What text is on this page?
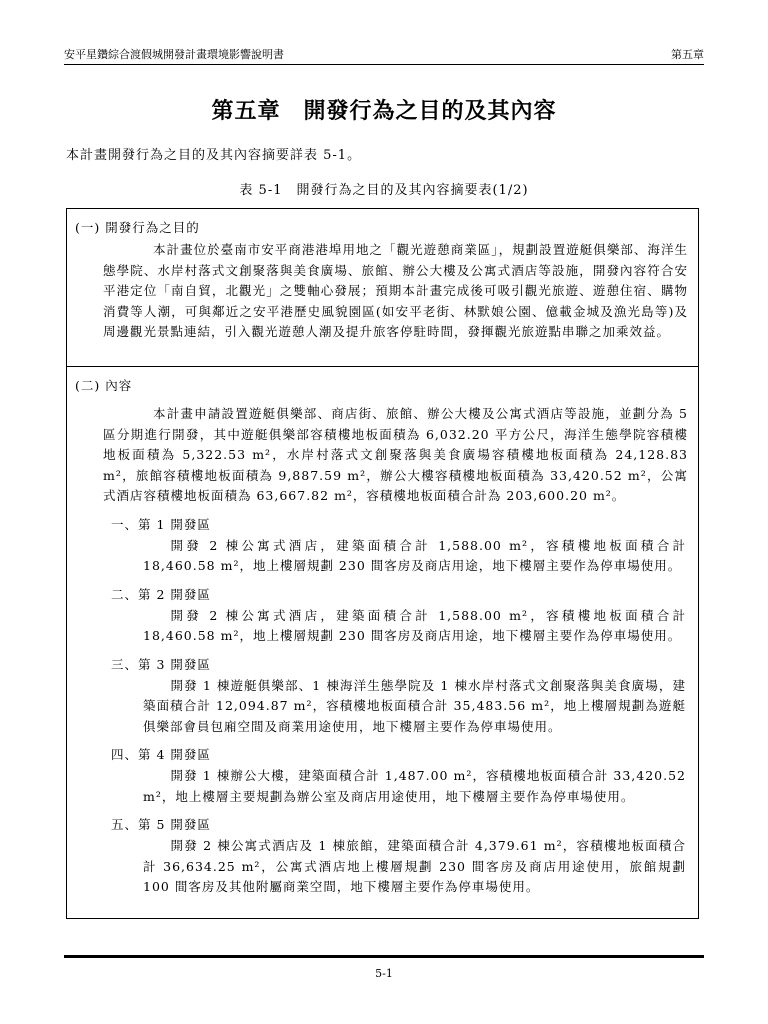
安平星鑽綜合渡假城開發計畫環境影響說明書	第五章
第五章　開發行為之目的及其內容
本計畫開發行為之目的及其內容摘要詳表 5-1。
表 5-1　開發行為之目的及其內容摘要表(1/2)
(一) 開發行為之目的
本計畫位於臺南市安平商港港埠用地之「觀光遊憩商業區」，規劃設置遊艇俱樂部、海洋生態學院、水岸村落式文創聚落與美食廣場、旅館、辦公大樓及公寓式酒店等設施，開發內容符合安平港定位「南自貿，北觀光」之雙軸心發展；預期本計畫完成後可吸引觀光旅遊、遊憩住宿、購物消費等人潮，可與鄰近之安平港歷史風貌園區(如安平老街、林默娘公園、億載金城及漁光島等)及周邊觀光景點連結，引入觀光遊憩人潮及提升旅客停駐時間，發揮觀光旅遊點串聯之加乘效益。
(二) 內容
本計畫申請設置遊艇俱樂部、商店街、旅館、辦公大樓及公寓式酒店等設施，並劃分為 5 區分期進行開發，其中遊艇俱樂部容積樓地板面積為 6,032.20 平方公尺，海洋生態學院容積樓地板面積為 5,322.53 m²，水岸村落式文創聚落與美食廣場容積樓地板面積為 24,128.83 m²，旅館容積樓地板面積為 9,887.59 m²，辦公大樓容積樓地板面積為 33,420.52 m²，公寓式酒店容積樓地板面積為 63,667.82 m²，容積樓地板面積合計為 203,600.20 m²。
一、第 1 開發區
開發 2 棟公寓式酒店，建築面積合計 1,588.00 m²，容積樓地板面積合計 18,460.58 m²，地上樓層規劃 230 間客房及商店用途，地下樓層主要作為停車場使用。
二、第 2 開發區
開發 2 棟公寓式酒店，建築面積合計 1,588.00 m²，容積樓地板面積合計 18,460.58 m²，地上樓層規劃 230 間客房及商店用途，地下樓層主要作為停車場使用。
三、第 3 開發區
開發 1 棟遊艇俱樂部、1 棟海洋生態學院及 1 棟水岸村落式文創聚落與美食廣場，建築面積合計 12,094.87 m²，容積樓地板面積合計 35,483.56 m²，地上樓層規劃為遊艇俱樂部會員包廂空間及商業用途使用，地下樓層主要作為停車場使用。
四、第 4 開發區
開發 1 棟辦公大樓，建築面積合計 1,487.00 m²，容積樓地板面積合計 33,420.52 m²，地上樓層主要規劃為辦公室及商店用途使用，地下樓層主要作為停車場使用。
五、第 5 開發區
開發 2 棟公寓式酒店及 1 棟旅館，建築面積合計 4,379.61 m²，容積樓地板面積合計 36,634.25 m²，公寓式酒店地上樓層規劃 230 間客房及商店用途使用，旅館規劃 100 間客房及其他附屬商業空間，地下樓層主要作為停車場使用。
5-1
